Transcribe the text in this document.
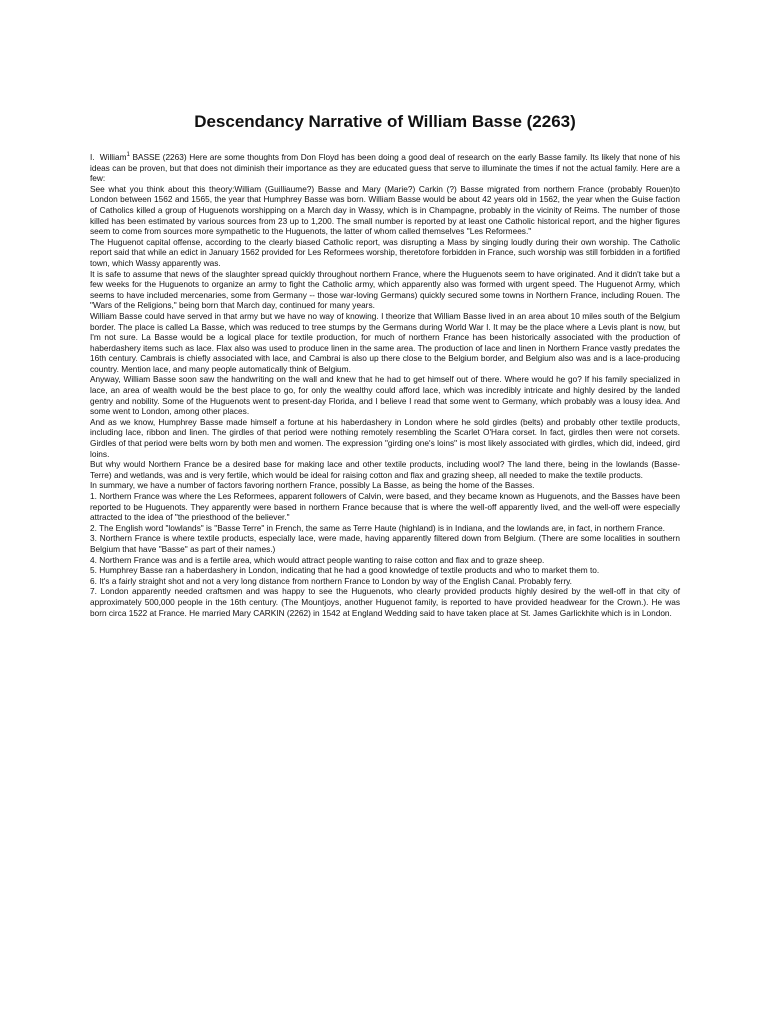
Descendancy Narrative of William Basse (2263)

I. William$^1$ BASSE (2263) Here are some thoughts from Don Floyd has been doing a good deal of research on the early Basse family. Its likely that none of his ideas can be proven, but that does not diminish their importance as they are educated guess that serve to illuminate the times if not the actual family. Here are a few:

See what you think about this theory:William (Guilliaume?) Basse and Mary (Marie?) Carkin (?) Basse migrated from northern France (probably Rouen)to London between 1562 and 1565, the year that Humphrey Basse was born. William Basse would be about 42 years old in 1562, the year when the Guise faction of Catholics killed a group of Huguenots worshipping on a March day in Wassy, which is in Champagne, probably in the vicinity of Reims. The number of those killed has been estimated by various sources from 23 up to 1,200. The small number is reported by at least one Catholic historical report, and the higher figures seem to come from sources more sympathetic to the Huguenots, the latter of whom called themselves "Les Reformees."

The Huguenot capital offense, according to the clearly biased Catholic report, was disrupting a Mass by singing loudly during their own worship. The Catholic report said that while an edict in January 1562 provided for Les Reformees worship, theretofore forbidden in France, such worship was still forbidden in a fortified town, which Wassy apparently was.

It is safe to assume that news of the slaughter spread quickly throughout northern France, where the Huguenots seem to have originated. And it didn't take but a few weeks for the Huguenots to organize an army to fight the Catholic army, which apparently also was formed with urgent speed. The Huguenot Army, which seems to have included mercenaries, some from Germany -- those war-loving Germans) quickly secured some towns in Northern France, including Rouen. The "Wars of the Religions," being born that March day, continued for many years.

William Basse could have served in that army but we have no way of knowing. I theorize that William Basse lived in an area about 10 miles south of the Belgium border. The place is called La Basse, which was reduced to tree stumps by the Germans during World War I. It may be the place where a Levis plant is now, but I'm not sure. La Basse would be a logical place for textile production, for much of northern France has been historically associated with the production of haberdashery items such as lace. Flax also was used to produce linen in the same area. The production of lace and linen in Northern France vastly predates the 16th century. Cambrais is chiefly associated with lace, and Cambrai is also up there close to the Belgium border, and Belgium also was and is a lace-producing country. Mention lace, and many people automatically think of Belgium.

Anyway, William Basse soon saw the handwriting on the wall and knew that he had to get himself out of there. Where would he go? If his family specialized in lace, an area of wealth would be the best place to go, for only the wealthy could afford lace, which was incredibly intricate and highly desired by the landed gentry and nobility. Some of the Huguenots went to present-day Florida, and I believe I read that some went to Germany, which probably was a lousy idea. And some went to London, among other places.

And as we know, Humphrey Basse made himself a fortune at his haberdashery in London where he sold girdles (belts) and probably other textile products, including lace, ribbon and linen. The girdles of that period were nothing remotely resembling the Scarlet O'Hara corset. In fact, girdles then were not corsets. Girdles of that period were belts worn by both men and women. The expression "girding one's loins" is most likely associated with girdles, which did, indeed, gird loins.

But why would Northern France be a desired base for making lace and other textile products, including wool? The land there, being in the lowlands (Basse-Terre) and wetlands, was and is very fertile, which would be ideal for raising cotton and flax and grazing sheep, all needed to make the textile products.

In summary, we have a number of factors favoring northern France, possibly La Basse, as being the home of the Basses.

1. Northern France was where the Les Reformees, apparent followers of Calvin, were based, and they became known as Huguenots, and the Basses have been reported to be Huguenots. They apparently were based in northern France because that is where the well-off apparently lived, and the well-off were especially attracted to the idea of "the priesthood of the believer."

2. The English word "lowlands" is "Basse Terre" in French, the same as Terre Haute (highland) is in Indiana, and the lowlands are, in fact, in northern France.

3. Northern France is where textile products, especially lace, were made, having apparently filtered down from Belgium. (There are some localities in southern Belgium that have "Basse" as part of their names.)

4. Northern France was and is a fertile area, which would attract people wanting to raise cotton and flax and to graze sheep.

5. Humphrey Basse ran a haberdashery in London, indicating that he had a good knowledge of textile products and who to market them to.

6. It's a fairly straight shot and not a very long distance from northern France to London by way of the English Canal. Probably ferry.

7. London apparently needed craftsmen and was happy to see the Huguenots, who clearly provided products highly desired by the well-off in that city of approximately 500,000 people in the 16th century. (The Mountjoys, another Huguenot family, is reported to have provided headwear for the Crown.). He was born circa 1522 at France. He married Mary CARKIN (2262) in 1542 at England Wedding said to have taken place at St. James Garlickhite which is in London.
